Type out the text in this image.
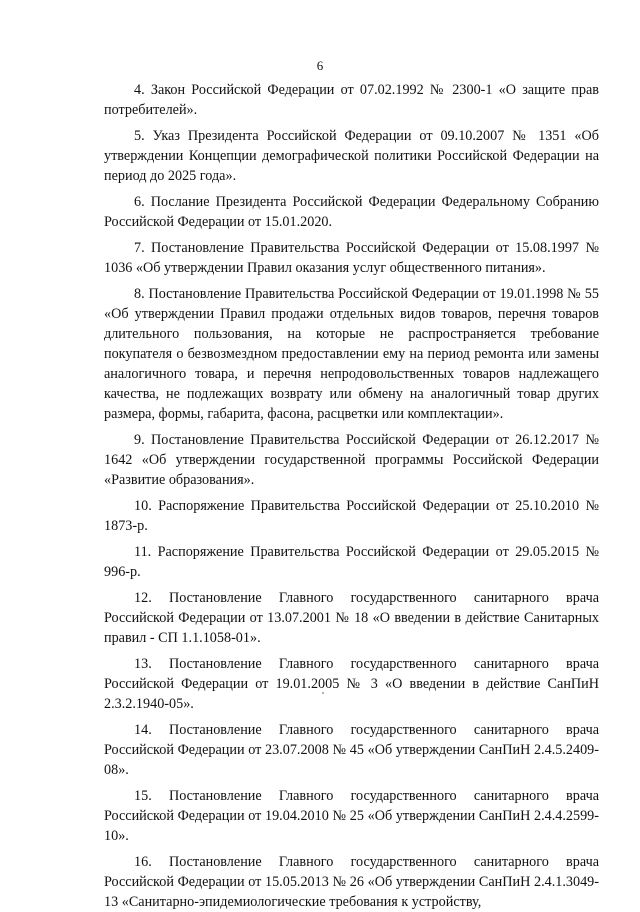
6

4. Закон Российской Федерации от 07.02.1992 № 2300-1 «О защите прав потребителей».

5. Указ Президента Российской Федерации от 09.10.2007 № 1351 «Об утверждении Концепции демографической политики Российской Федерации на период до 2025 года».

6. Послание Президента Российской Федерации Федеральному Собранию Российской Федерации от 15.01.2020.

7. Постановление Правительства Российской Федерации от 15.08.1997 № 1036 «Об утверждении Правил оказания услуг общественного питания».

8. Постановление Правительства Российской Федерации от 19.01.1998 № 55 «Об утверждении Правил продажи отдельных видов товаров, перечня товаров длительного пользования, на которые не распространяется требование покупателя о безвозмездном предоставлении ему на период ремонта или замены аналогичного товара, и перечня непродовольственных товаров надлежащего качества, не подлежащих возврату или обмену на аналогичный товар других размера, формы, габарита, фасона, расцветки или комплектации».

9. Постановление Правительства Российской Федерации от 26.12.2017 № 1642 «Об утверждении государственной программы Российской Федерации «Развитие образования».

10. Распоряжение Правительства Российской Федерации от 25.10.2010 № 1873-р.

11. Распоряжение Правительства Российской Федерации от 29.05.2015 № 996-р.

12. Постановление Главного государственного санитарного врача Российской Федерации от 13.07.2001 № 18 «О введении в действие Санитарных правил - СП 1.1.1058-01».

13. Постановление Главного государственного санитарного врача Российской Федерации от 19.01.2005 № 3 «О введении в действие СанПиН 2.3.2.1940-05».

14. Постановление Главного государственного санитарного врача Российской Федерации от 23.07.2008 № 45 «Об утверждении СанПиН 2.4.5.2409-08».

15. Постановление Главного государственного санитарного врача Российской Федерации от 19.04.2010 № 25 «Об утверждении СанПиН 2.4.4.2599-10».

16. Постановление Главного государственного санитарного врача Российской Федерации от 15.05.2013 № 26 «Об утверждении СанПиН 2.4.1.3049-13 «Санитарно-эпидемиологические требования к устройству,
